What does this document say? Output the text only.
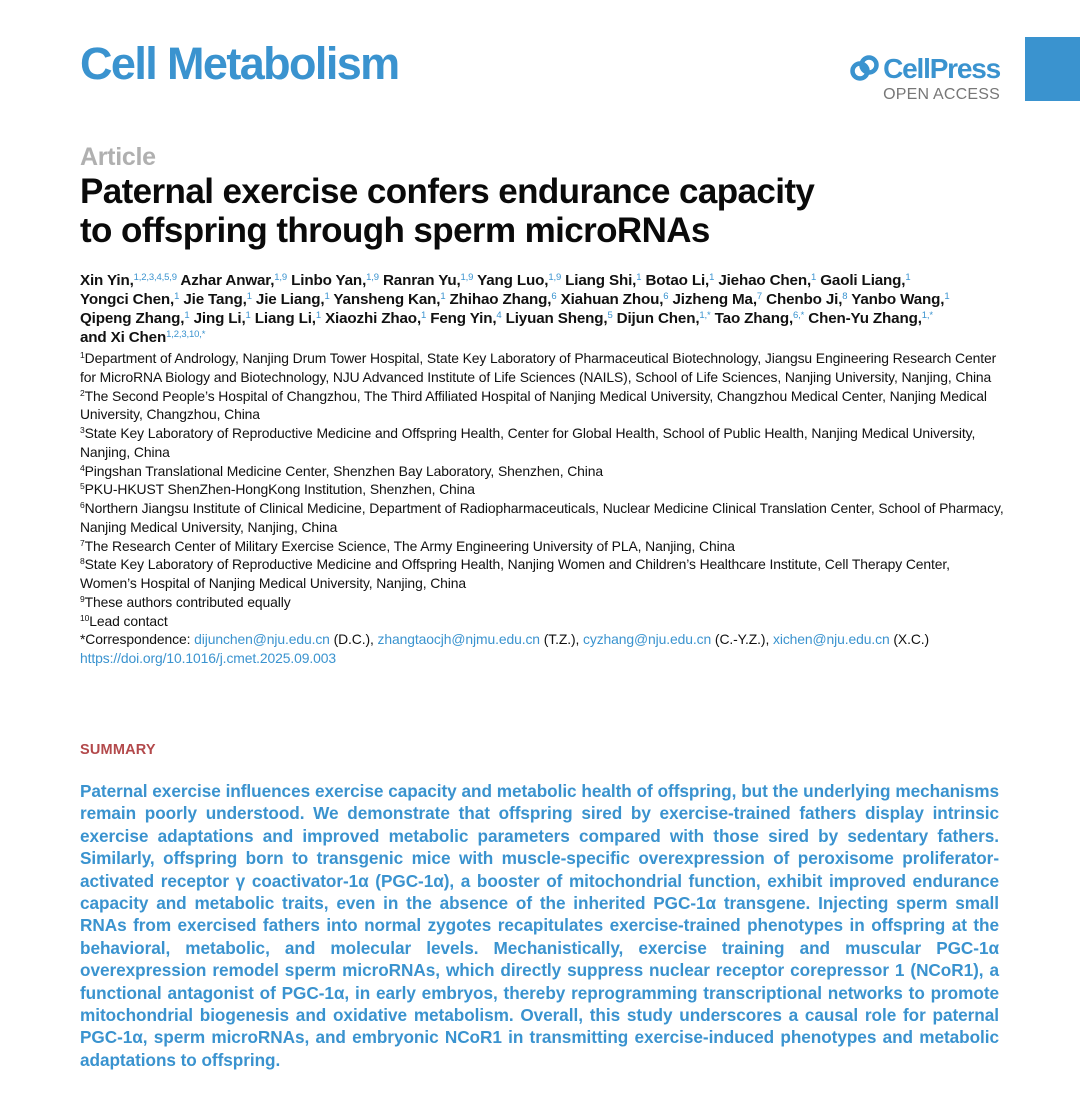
Cell Metabolism	CellPress
OPEN ACCESS
Article
Paternal exercise confers endurance capacity
to offspring through sperm microRNAs
Xin Yin,$^{1,2,3,4,5,9}$ Azhar Anwar,$^{1,9}$ Linbo Yan,$^{1,9}$ Ranran Yu,$^{1,9}$ Yang Luo,$^{1,9}$ Liang Shi,$^1$ Botao Li,$^1$ Jiehao Chen,$^1$ Gaoli Liang,$^1$ Yongci Chen,$^1$ Jie Tang,$^1$ Jie Liang,$^1$ Yansheng Kan,$^1$ Zhihao Zhang,$^6$ Xiahuan Zhou,$^6$ Jizheng Ma,$^7$ Chenbo Ji,$^8$ Yanbo Wang,$^1$ Qipeng Zhang,$^1$ Jing Li,$^1$ Liang Li,$^1$ Xiaozhi Zhao,$^1$ Feng Yin,$^4$ Liyuan Sheng,$^5$ Dijun Chen,$^{1,*}$ Tao Zhang,$^{6,*}$ Chen-Yu Zhang,$^{1,*}$ and Xi Chen$^{1,2,3,10,*}$
$^1$Department of Andrology, Nanjing Drum Tower Hospital, State Key Laboratory of Pharmaceutical Biotechnology, Jiangsu Engineering Research Center for MicroRNA Biology and Biotechnology, NJU Advanced Institute of Life Sciences (NAILS), School of Life Sciences, Nanjing University, Nanjing, China
$^2$The Second People’s Hospital of Changzhou, The Third Affiliated Hospital of Nanjing Medical University, Changzhou Medical Center, Nanjing Medical University, Changzhou, China
$^3$State Key Laboratory of Reproductive Medicine and Offspring Health, Center for Global Health, School of Public Health, Nanjing Medical University, Nanjing, China
$^4$Pingshan Translational Medicine Center, Shenzhen Bay Laboratory, Shenzhen, China
$^5$PKU-HKUST ShenZhen-HongKong Institution, Shenzhen, China
$^6$Northern Jiangsu Institute of Clinical Medicine, Department of Radiopharmaceuticals, Nuclear Medicine Clinical Translation Center, School of Pharmacy, Nanjing Medical University, Nanjing, China
$^7$The Research Center of Military Exercise Science, The Army Engineering University of PLA, Nanjing, China
$^8$State Key Laboratory of Reproductive Medicine and Offspring Health, Nanjing Women and Children’s Healthcare Institute, Cell Therapy Center, Women’s Hospital of Nanjing Medical University, Nanjing, China
$^9$These authors contributed equally
$^{10}$Lead contact
*Correspondence: dijunchen@nju.edu.cn (D.C.), zhangtaocjh@njmu.edu.cn (T.Z.), cyzhang@nju.edu.cn (C.-Y.Z.), xichen@nju.edu.cn (X.C.)
https://doi.org/10.1016/j.cmet.2025.09.003
SUMMARY

Paternal exercise influences exercise capacity and metabolic health of offspring, but the underlying mechanisms remain poorly understood. We demonstrate that offspring sired by exercise-trained fathers display intrinsic exercise adaptations and improved metabolic parameters compared with those sired by sedentary fathers. Similarly, offspring born to transgenic mice with muscle-specific overexpression of peroxisome proliferator-activated receptor γ coactivator-1α (PGC-1α), a booster of mitochondrial function, exhibit improved endurance capacity and metabolic traits, even in the absence of the inherited PGC-1α transgene. Injecting sperm small RNAs from exercised fathers into normal zygotes recapitulates exercise-trained phenotypes in offspring at the behavioral, metabolic, and molecular levels. Mechanistically, exercise training and muscular PGC-1α overexpression remodel sperm microRNAs, which directly suppress nuclear receptor corepressor 1 (NCoR1), a functional antagonist of PGC-1α, in early embryos, thereby reprogramming transcriptional networks to promote mitochondrial biogenesis and oxidative metabolism. Overall, this study underscores a causal role for paternal PGC-1α, sperm microRNAs, and embryonic NCoR1 in transmitting exercise-induced phenotypes and metabolic adaptations to offspring.
